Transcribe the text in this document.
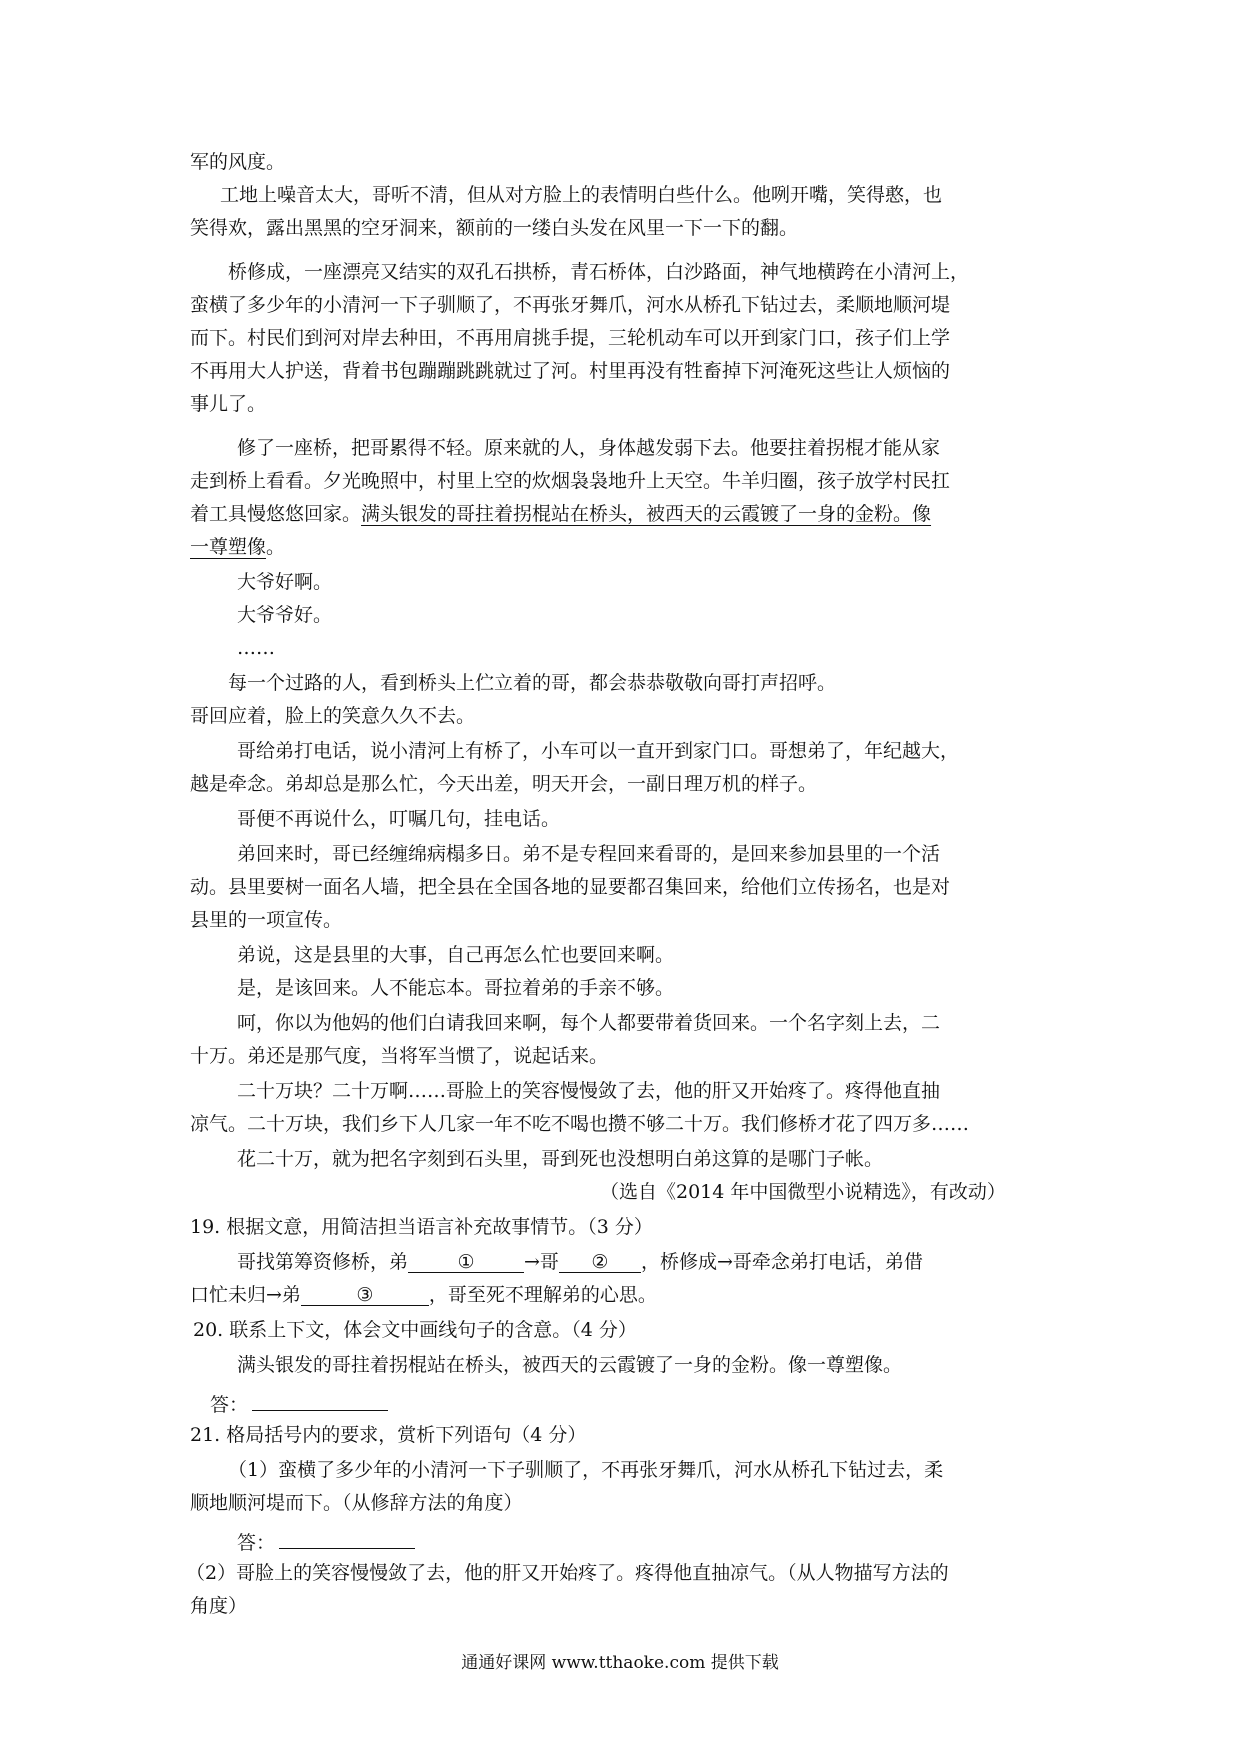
军的风度。
工地上噪音太大，哥听不清，但从对方脸上的表情明白些什么。他咧开嘴，笑得憨，也
笑得欢，露出黑黑的空牙洞来，额前的一缕白头发在风里一下一下的翻。
桥修成，一座漂亮又结实的双孔石拱桥，青石桥体，白沙路面，神气地横跨在小清河上，
蛮横了多少年的小清河一下子驯顺了，不再张牙舞爪，河水从桥孔下钻过去，柔顺地顺河堤
而下。村民们到河对岸去种田，不再用肩挑手提，三轮机动车可以开到家门口，孩子们上学
不再用大人护送，背着书包蹦蹦跳跳就过了河。村里再没有牲畜掉下河淹死这些让人烦恼的
事儿了。
修了一座桥，把哥累得不轻。原来就的人，身体越发弱下去。他要拄着拐棍才能从家
走到桥上看看。夕光晚照中，村里上空的炊烟袅袅地升上天空。牛羊归圈，孩子放学村民扛
着工具慢悠悠回家。满头银发的哥拄着拐棍站在桥头，被西天的云霞镀了一身的金粉。像
一尊塑像。
大爷好啊。
大爷爷好。
……
每一个过路的人，看到桥头上伫立着的哥，都会恭恭敬敬向哥打声招呼。
哥回应着，脸上的笑意久久不去。
哥给弟打电话，说小清河上有桥了，小车可以一直开到家门口。哥想弟了，年纪越大，
越是牵念。弟却总是那么忙，今天出差，明天开会，一副日理万机的样子。
哥便不再说什么，叮嘱几句，挂电话。
弟回来时，哥已经缠绵病榻多日。弟不是专程回来看哥的，是回来参加县里的一个活
动。县里要树一面名人墙，把全县在全国各地的显要都召集回来，给他们立传扬名，也是对
县里的一项宣传。
弟说，这是县里的大事，自己再怎么忙也要回来啊。
是，是该回来。人不能忘本。哥拉着弟的手亲不够。
呵，你以为他妈的他们白请我回来啊，每个人都要带着货回来。一个名字刻上去，二
十万。弟还是那气度，当将军当惯了，说起话来。
二十万块？二十万啊……哥脸上的笑容慢慢敛了去，他的肝又开始疼了。疼得他直抽
凉气。二十万块，我们乡下人几家一年不吃不喝也攒不够二十万。我们修桥才花了四万多……
花二十万，就为把名字刻到石头里，哥到死也没想明白弟这算的是哪门子帐。
（选自《2014 年中国微型小说精选》，有改动）
19. 根据文意，用简洁担当语言补充故事情节。（3 分）
哥找第筹资修桥，弟	①	→哥 ② ，桥修成→哥牵念弟打电话，弟借
口忙未归→弟	③	，哥至死不理解弟的心思。
20. 联系上下文，体会文中画线句子的含意。（4 分）
满头银发的哥拄着拐棍站在桥头，被西天的云霞镀了一身的金粉。像一尊塑像。
答：
21. 格局括号内的要求，赏析下列语句（4 分）
（1）蛮横了多少年的小清河一下子驯顺了，不再张牙舞爪，河水从桥孔下钻过去，柔
顺地顺河堤而下。（从修辞方法的角度）
答：
（2）哥脸上的笑容慢慢敛了去，他的肝又开始疼了。疼得他直抽凉气。（从人物描写方法的
角度）
通通好课网 www.tthaoke.com 提供下载
